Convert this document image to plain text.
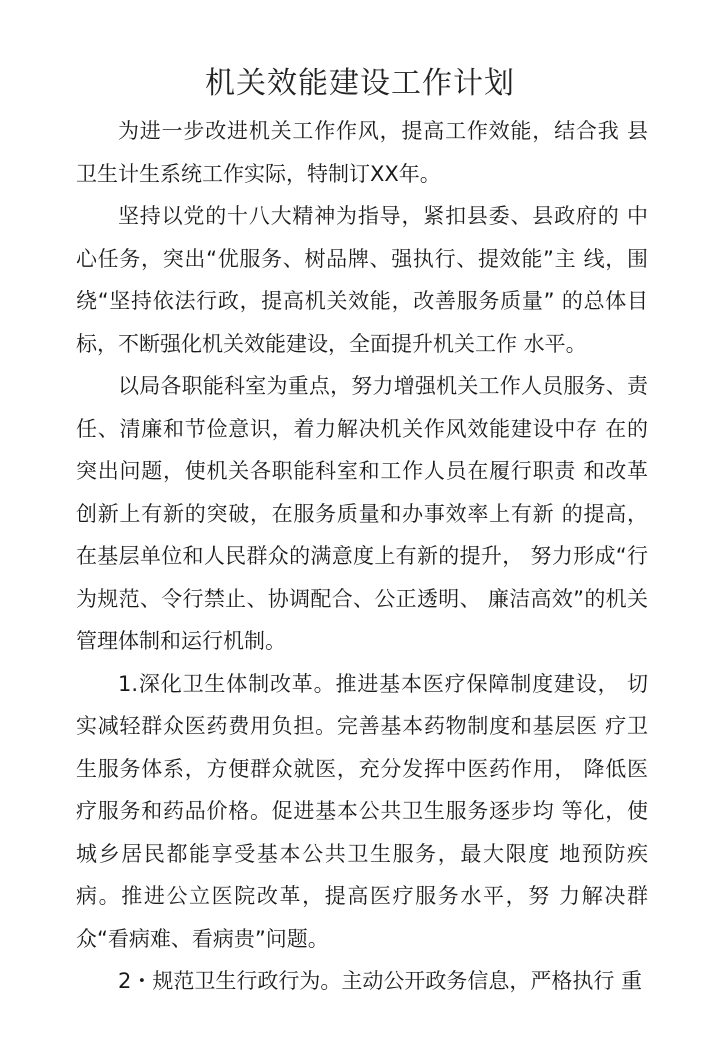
机关效能建设工作计划

为进一步改进机关工作作风，提高工作效能，结合我 县卫生计生系统工作实际，特制订XX年。

坚持以党的十八大精神为指导，紧扣县委、县政府的 中心任务，突出“优服务、树品牌、强执行、提效能”主 线，围绕“坚持依法行政，提高机关效能，改善服务质量” 的总体目标，不断强化机关效能建设，全面提升机关工作 水平。

以局各职能科室为重点，努力增强机关工作人员服务、责任、清廉和节俭意识，着力解决机关作风效能建设中存 在的突出问题，使机关各职能科室和工作人员在履行职责 和改革创新上有新的突破，在服务质量和办事效率上有新 的提高，在基层单位和人民群众的满意度上有新的提升， 努力形成“行为规范、令行禁止、协调配合、公正透明、 廉洁高效”的机关管理体制和运行机制。

1.深化卫生体制改革。推进基本医疗保障制度建设， 切实减轻群众医药费用负担。完善基本药物制度和基层医 疗卫生服务体系，方便群众就医，充分发挥中医药作用， 降低医疗服务和药品价格。促进基本公共卫生服务逐步均 等化，使城乡居民都能享受基本公共卫生服务，最大限度 地预防疾病。推进公立医院改革，提高医疗服务水平，努 力解决群众“看病难、看病贵”问题。

2・规范卫生行政行为。主动公开政务信息，严格执行 重
